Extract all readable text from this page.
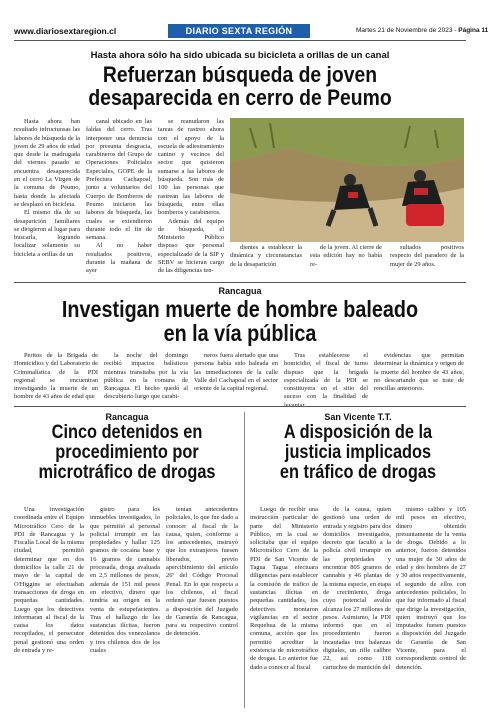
www.diariosextaregion.cl	DIARIO SEXTA REGIÓN	Martes 21 de Noviembre de 2023 - Página 11
Hasta ahora sólo ha sido ubicada su bicicleta a orillas de un canal
Refuerzan búsqueda de joven
desaparecida en cerro de Peumo

Hasta ahora han resultado infructuosas las labores de búsqueda de la joven de 29 años de edad que desde la madrugada del viernes pasado se encuentra desaparecida en el cerro La Virgen de la comuna de Peumo, hasta donde la afectada se desplazó en bicicleta.

El mismo día de su desaparición familiares se dirigieron al lugar para buscarla, logrando localizar solamente su bicicleta a orillas de un

canal ubicado en las faldas del cerro. Tras interponer una denuncia por presunta desgracia, carabineros del Grupo de Operaciones Policiales Especiales, GOPE de la Prefectura Cachapoal, junto a voluntarios del Cuerpo de Bomberos de Peumo iniciaron las labores de búsqueda, las cuales se extendieron durante todo el fin de semana.

Al no haber resultados positivos, durante la mañana de ayer

se reanudaron las tareas de rastreo ahora con el apoyo de la escuela de adiestramiento canino y vecinos del sector que quisieron sumarse a las labores de búsqueda. Son más de 100 las personas que rastrean las labores de búsqueda, entre ellas bomberos y carabineros.

Además del equipo de búsqueda, el Ministerio Público dispuso que personal especializado de la SIP y SEBV se hicieran cargo de las diligencias ten-

dientes a establecer la dinámica y circunstancias de la desaparición

de la joven. Al cierre de esta edición hay no había re-

sultados positivos respecto del paradero de la mujer de 29 años.

Rancagua
Investigan muerte de hombre baleado
en la vía pública

Peritos de la Brigada de Homicidios y del Laboratorio de Criminalística de la PDI regional se encuentran investigando la muerte de un hombre de 43 años de edad que

la noche del domingo recibió impactos balísticos mientras transitaba por la vía pública en la comuna de Rancagua. El hecho quedó al descubierto luego que carabi-

neros fuera alertado que una persona había sido baleada en las inmediaciones de la calle Valle del Cachapoal en el sector oriente de la capital regional.

Tras establecerse el homicidio, el fiscal de turno dispuso que la brigada especializada de la PDI se constituyera en el sitio del suceso con la finalidad de

evidencias que permitan determinar la dinámica y origen de la muerte del hombre de 43 años, no descartando que se trate de rencillas anteriores.

Rancagua
Cinco detenidos en
procedimiento por
microtráfico de drogas

Una investigación coordinada entre el Equipo Microtráfico Cero de la PDI de Rancagua y la Fiscalía Local de la misma ciudad, permitió determinar que en dos domicilios la calle 21 de mayo de la capital de O'Higgins se efectuaban transacciones de droga en pequeñas cantidades. Luego que los detectives informaran al fiscal de la causa los datos recopilados, el persecutor penal gestionó una orden de entrada y re-

gistro para los inmuebles investigados, lo que permitió al personal policial irrumpir en las propiedades y hallar 125 gramos de cocaína base y 16 gramos de cannabis procesada, droga avaluada en 2,5 millones de pesos, además de 151 mil pesos en efectivo, dinero que tendría su origen en la venta de estupefacientes. Tras el hallazgo de las sustancias ilícitas, fueron detenidos dos venezolanos y tres chilenos dos de los cuales

tenían antecedentes policiales, lo que fue dado a conocer al fiscal de la causa, quien, conforme a los antecedentes, instruyó que los extranjeros fuesen liberados, previo apercibimiento del artículo 26º del Código Procesal Penal. En lo que respecta a los chilenos, el fiscal ordenó que fuesen puestos a disposición del Juzgado de Garantía de Rancagua, para su respectivo control de detención.

San Vicente T.T.
A disposición de la
justicia implicados
en tráfico de drogas

Luego de recibir una instrucción particular de parte del Ministerio Público, en la cual se solicitaba que el equipo Microtráfico Cero de la PDI de San Vicente de Tagua Tagua efectuara diligencias para establecer la comisión de tráfico de sustancias ilícitas en pequeñas cantidades, los detectives montaron vigilancias en el sector Requehua de la misma comuna, acción que les permitió acreditar la existencia de microtráfico de drogas. Lo anterior fue dado a conocer al fiscal

de la causa, quien gestionó una orden de entrada y registro para dos domicilios investigados, decreto que facultó a la policía civil irrumpir en las propiedades y encontrar 805 gramos de cannabis y 46 plantas de la misma especie, en etapa de crecimiento, droga cuyo potencial avalúo alcanza los 27 millones de pesos. Asimismo, la PDI informó que en el procedimiento fueron incautadas tres balanzas digitales, un rifle calibre 22, así como 118 cartuchos de munición del

mismo calibre y 105 mil pesos en efectivo, dinero obtenido presuntamente de la venta de droga. Debido a lo anterior, fueron detenidos una mujer de 30 años de edad y dos hombres de 27 y 30 años respectivamente, el segundo de ellos con antecedentes policiales, lo que fue informado al fiscal que dirige la investigación, quien instruyó que los imputados fuesen puestos a disposición del Juzgado de Garantía de San Vicente, para el correspondiente control de detención.
